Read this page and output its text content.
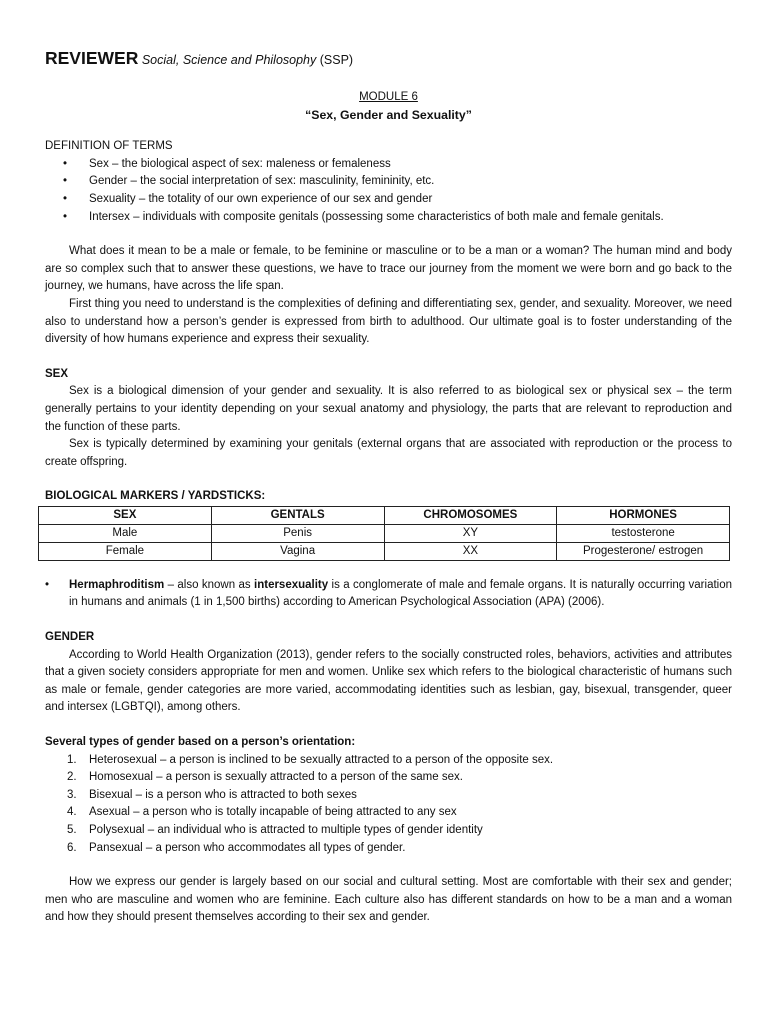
REVIEWER Social, Science and Philosophy (SSP)
MODULE 6
“Sex, Gender and Sexuality”
DEFINITION OF TERMS
• Sex – the biological aspect of sex: maleness or femaleness
• Gender – the social interpretation of sex: masculinity, femininity, etc.
• Sexuality – the totality of our own experience of our sex and gender
• Intersex – individuals with composite genitals (possessing some characteristics of both male and female genitals.

What does it mean to be a male or female, to be feminine or masculine or to be a man or a woman? The human mind and body are so complex such that to answer these questions, we have to trace our journey from the moment we were born and go back to the journey, we humans, have across the life span.

First thing you need to understand is the complexities of defining and differentiating sex, gender, and sexuality. Moreover, we need also to understand how a person’s gender is expressed from birth to adulthood. Our ultimate goal is to foster understanding of the diversity of how humans experience and express their sexuality.

SEX

Sex is a biological dimension of your gender and sexuality. It is also referred to as biological sex or physical sex – the term generally pertains to your identity depending on your sexual anatomy and physiology, the parts that are relevant to reproduction and the function of these parts.

Sex is typically determined by examining your genitals (external organs that are associated with reproduction or the process to create offspring.

BIOLOGICAL MARKERS / YARDSTICKS:
SEX	GENTALS	CHROMOSOMES	HORMONES
Male	Penis	XY	testosterone
Female	Vagina	XX	Progesterone/ estrogen
• Hermaphroditism – also known as intersexuality is a conglomerate of male and female organs. It is naturally occurring variation in humans and animals (1 in 1,500 births) according to American Psychological Association (APA) (2006).
GENDER

According to World Health Organization (2013), gender refers to the socially constructed roles, behaviors, activities and attributes that a given society considers appropriate for men and women. Unlike sex which refers to the biological characteristic of humans such as male or female, gender categories are more varied, accommodating identities such as lesbian, gay, bisexual, transgender, queer and intersex (LGBTQI), among others.

Several types of gender based on a person’s orientation:
1. Heterosexual – a person is inclined to be sexually attracted to a person of the opposite sex.
2. Homosexual – a person is sexually attracted to a person of the same sex.
3. Bisexual – is a person who is attracted to both sexes
4. Asexual – a person who is totally incapable of being attracted to any sex
5. Polysexual – an individual who is attracted to multiple types of gender identity
6. Pansexual – a person who accommodates all types of gender.

How we express our gender is largely based on our social and cultural setting. Most are comfortable with their sex and gender; men who are masculine and women who are feminine. Each culture also has different standards on how to be a man and a woman and how they should present themselves according to their sex and gender.
